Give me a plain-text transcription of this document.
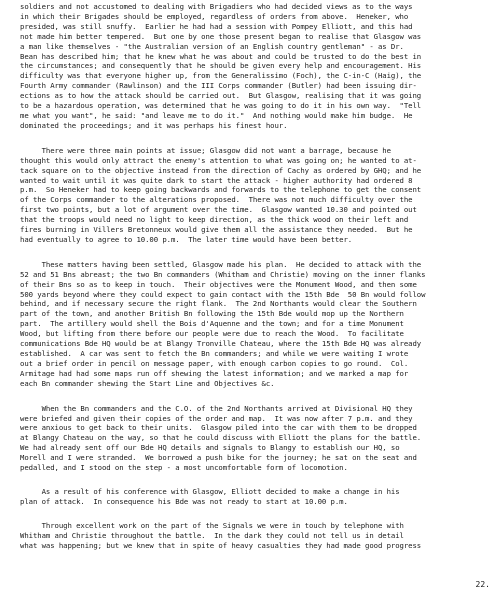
soldiers and not accustomed to dealing with Brigadiers who had decided views as to the ways
in which their Brigades should be employed, regardless of orders from above.  Heneker, who
presided, was still snuffy.  Earlier he had had a session with Pompey Elliott, and this had
not made him better tempered.  But one by one those present began to realise that Glasgow was
a man like themselves - "the Australian version of an English country gentleman" - as Dr.
Bean has described him; that he knew what he was about and could be trusted to do the best in
the circumstances; and consequently that he should be given every help and encouragement. His
difficulty was that everyone higher up, from the Generalissimo (Foch), the C-in-C (Haig), the
Fourth Army commander (Rawlinson) and the III Corps commander (Butler) had been issuing dir-
ections as to how the attack should be carried out.  But Glasgow, realising that it was going
to be a hazardous operation, was determined that he was going to do it in his own way.  "Tell
me what you want", he said: "and leave me to do it."  And nothing would make him budge.  He
dominated the proceedings; and it was perhaps his finest hour.
There were three main points at issue; Glasgow did not want a barrage, because he
thought this would only attract the enemy's attention to what was going on; he wanted to at-
tack square on to the objective instead from the direction of Cachy as ordered by GHQ; and he
wanted to wait until it was quite dark to start the attack - higher authority had ordered 8
p.m.  So Heneker had to keep going backwards and forwards to the telephone to get the consent
of the Corps commander to the alterations proposed.  There was not much difficulty over the
first two points, but a lot of argument over the time.  Glasgow wanted 10.30 and pointed out
that the troops would need no light to keep direction, as the thick wood on their left and
fires burning in Villers Bretonneux would give them all the assistance they needed.  But he
had eventually to agree to 10.00 p.m.  The later time would have been better.
These matters having been settled, Glasgow made his plan.  He decided to attack with the
52 and 51 Bns abreast; the two Bn commanders (Whitham and Christie) moving on the inner flanks
of their Bns so as to keep in touch.  Their objectives were the Monument Wood, and then some
500 yards beyond where they could expect to gain contact with the 15th Bde  50 Bn would follow
behind, and if necessary secure the right flank.  The 2nd Northants would clear the Southern
part of the town, and another British Bn following the 15th Bde would mop up the Northern
part.  The artillery would shell the Bois d'Aquenne and the town; and for a time Monument
Wood, but lifting from there before our people were due to reach the Wood.  To facilitate
communications Bde HQ would be at Blangy Tronville Chateau, where the 15th Bde HQ was already
established.  A car was sent to fetch the Bn commanders; and while we were waiting I wrote
out a brief order in pencil on message paper, with enough carbon copies to go round.  Col.
Armitage had had some maps run off shewing the latest information; and we marked a map for
each Bn commander shewing the Start Line and Objectives &c.
When the Bn commanders and the C.O. of the 2nd Northants arrived at Divisional HQ they
were briefed and given their copies of the order and map.  It was now after 7 p.m. and they
were anxious to get back to their units.  Glasgow piled into the car with them to be dropped
at Blangy Chateau on the way, so that he could discuss with Elliott the plans for the battle.
We had already sent off our Bde HQ details and signals to Blangy to establish our HQ, so
Morell and I were stranded.  We borrowed a push bike for the journey; he sat on the seat and
pedalled, and I stood on the step - a most uncomfortable form of locomotion.
As a result of his conference with Glasgow, Elliott decided to make a change in his
plan of attack.  In consequence his Bde was not ready to start at 10.00 p.m.
Through excellent work on the part of the Signals we were in touch by telephone with
Whitham and Christie throughout the battle.  In the dark they could not tell us in detail
what was happening; but we knew that in spite of heavy casualties they had made good progress
22.
